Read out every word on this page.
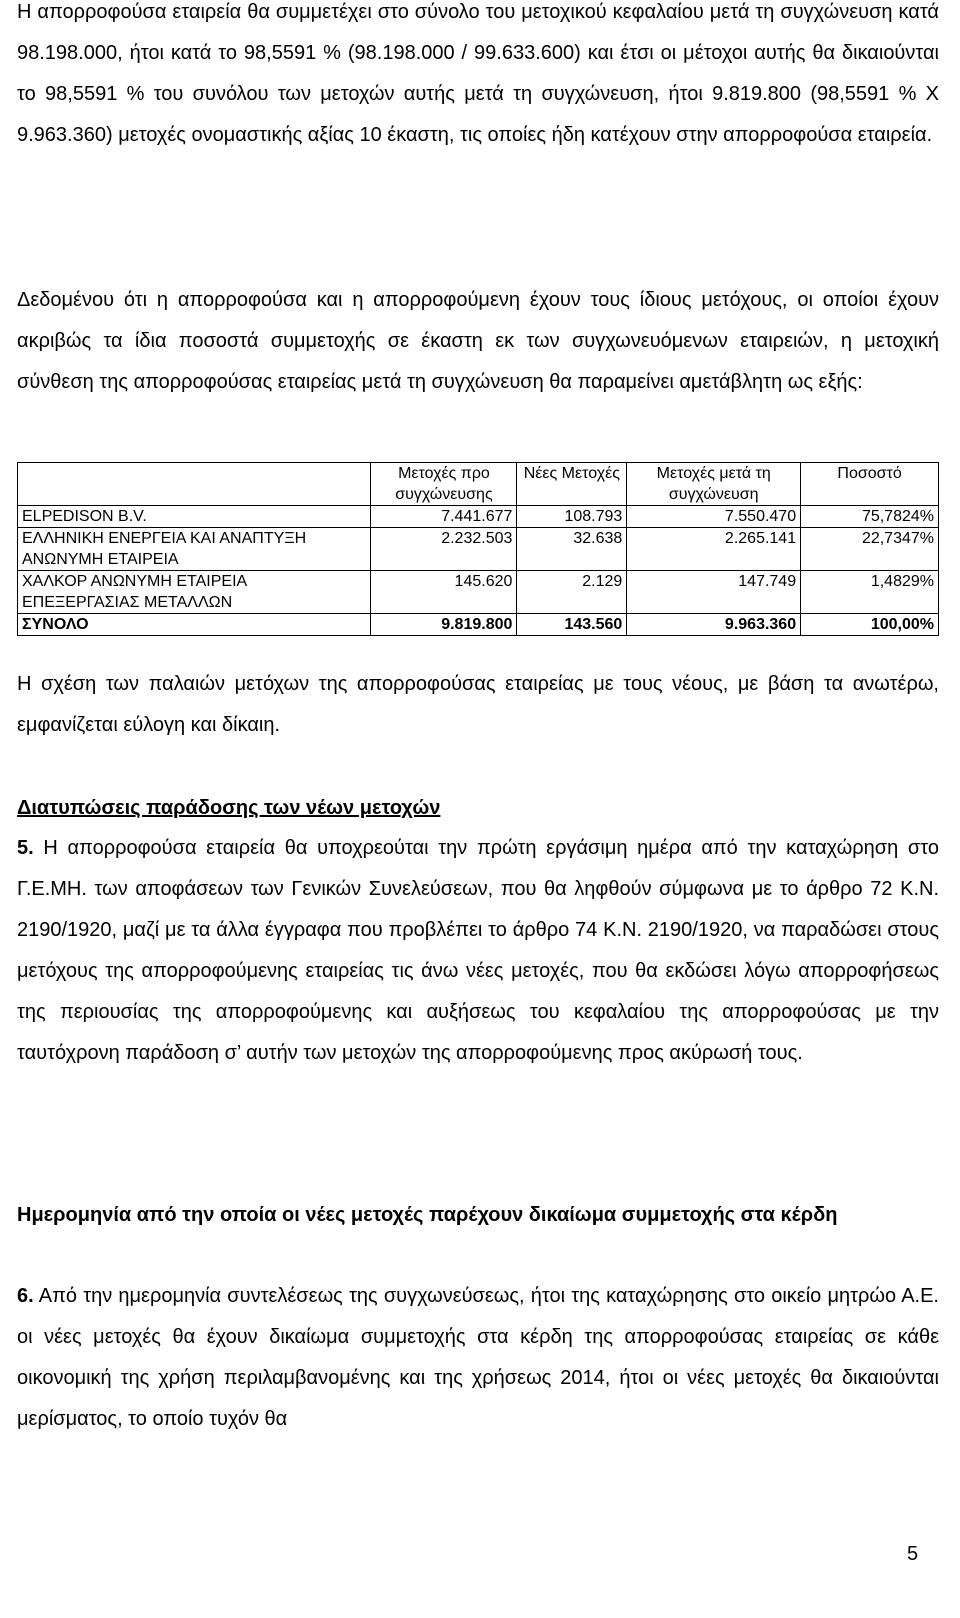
Η απορροφούσα εταιρεία θα συμμετέχει στο σύνολο του μετοχικού κεφαλαίου μετά τη συγχώνευση κατά 98.198.000, ήτοι κατά το 98,5591 % (98.198.000 / 99.633.600) και έτσι οι μέτοχοι αυτής θα δικαιούνται το 98,5591 % του συνόλου των μετοχών αυτής μετά τη συγχώνευση, ήτοι 9.819.800 (98,5591 % Χ 9.963.360) μετοχές ονομαστικής αξίας 10 έκαστη, τις οποίες ήδη κατέχουν στην απορροφούσα εταιρεία.

Δεδομένου ότι η απορροφούσα και η απορροφούμενη έχουν τους ίδιους μετόχους, οι οποίοι έχουν ακριβώς τα ίδια ποσοστά συμμετοχής σε έκαστη εκ των συγχωνευόμενων εταιρειών, η μετοχική σύνθεση της απορροφούσας εταιρείας μετά τη συγχώνευση θα παραμείνει αμετάβλητη ως εξής:

	Μετοχές προ συγχώνευσης	Νέες Μετοχές	Μετοχές μετά τη συγχώνευση	Ποσοστό
ELPEDISON B.V.	7.441.677	108.793	7.550.470	75,7824%
ΕΛΛΗΝΙΚΗ ΕΝΕΡΓΕΙΑ ΚΑΙ ΑΝΑΠΤΥΞΗ ΑΝΩΝΥΜΗ ΕΤΑΙΡΕΙΑ	2.232.503	32.638	2.265.141	22,7347%
ΧΑΛΚΟΡ ΑΝΩΝΥΜΗ ΕΤΑΙΡΕΙΑ ΕΠΕΞΕΡΓΑΣΙΑΣ ΜΕΤΑΛΛΩΝ	145.620	2.129	147.749	1,4829%
ΣΥΝΟΛΟ	9.819.800	143.560	9.963.360	100,00%

Η σχέση των παλαιών μετόχων της απορροφούσας εταιρείας με τους νέους, με βάση τα ανωτέρω, εμφανίζεται εύλογη και δίκαιη.

Διατυπώσεις παράδοσης των νέων μετοχών

5. Η απορροφούσα εταιρεία θα υποχρεούται την πρώτη εργάσιμη ημέρα από την καταχώρηση στο Γ.Ε.ΜΗ. των αποφάσεων των Γενικών Συνελεύσεων, που θα ληφθούν σύμφωνα με το άρθρο 72 Κ.Ν. 2190/1920, μαζί με τα άλλα έγγραφα που προβλέπει το άρθρο 74 Κ.Ν. 2190/1920, να παραδώσει στους μετόχους της απορροφούμενης εταιρείας τις άνω νέες μετοχές, που θα εκδώσει λόγω απορροφήσεως της περιουσίας της απορροφούμενης και αυξήσεως του κεφαλαίου της απορροφούσας με την ταυτόχρονη παράδοση σ’ αυτήν των μετοχών της απορροφούμενης προς ακύρωσή τους.

Ημερομηνία από την οποία οι νέες μετοχές παρέχουν δικαίωμα συμμετοχής στα κέρδη

6. Από την ημερομηνία συντελέσεως της συγχωνεύσεως, ήτοι της καταχώρησης στο οικείο μητρώο Α.Ε. οι νέες μετοχές θα έχουν δικαίωμα συμμετοχής στα κέρδη της απορροφούσας εταιρείας σε κάθε οικονομική της χρήση περιλαμβανομένης και της χρήσεως 2014, ήτοι οι νέες μετοχές θα δικαιούνται μερίσματος, το οποίο τυχόν θα

5
